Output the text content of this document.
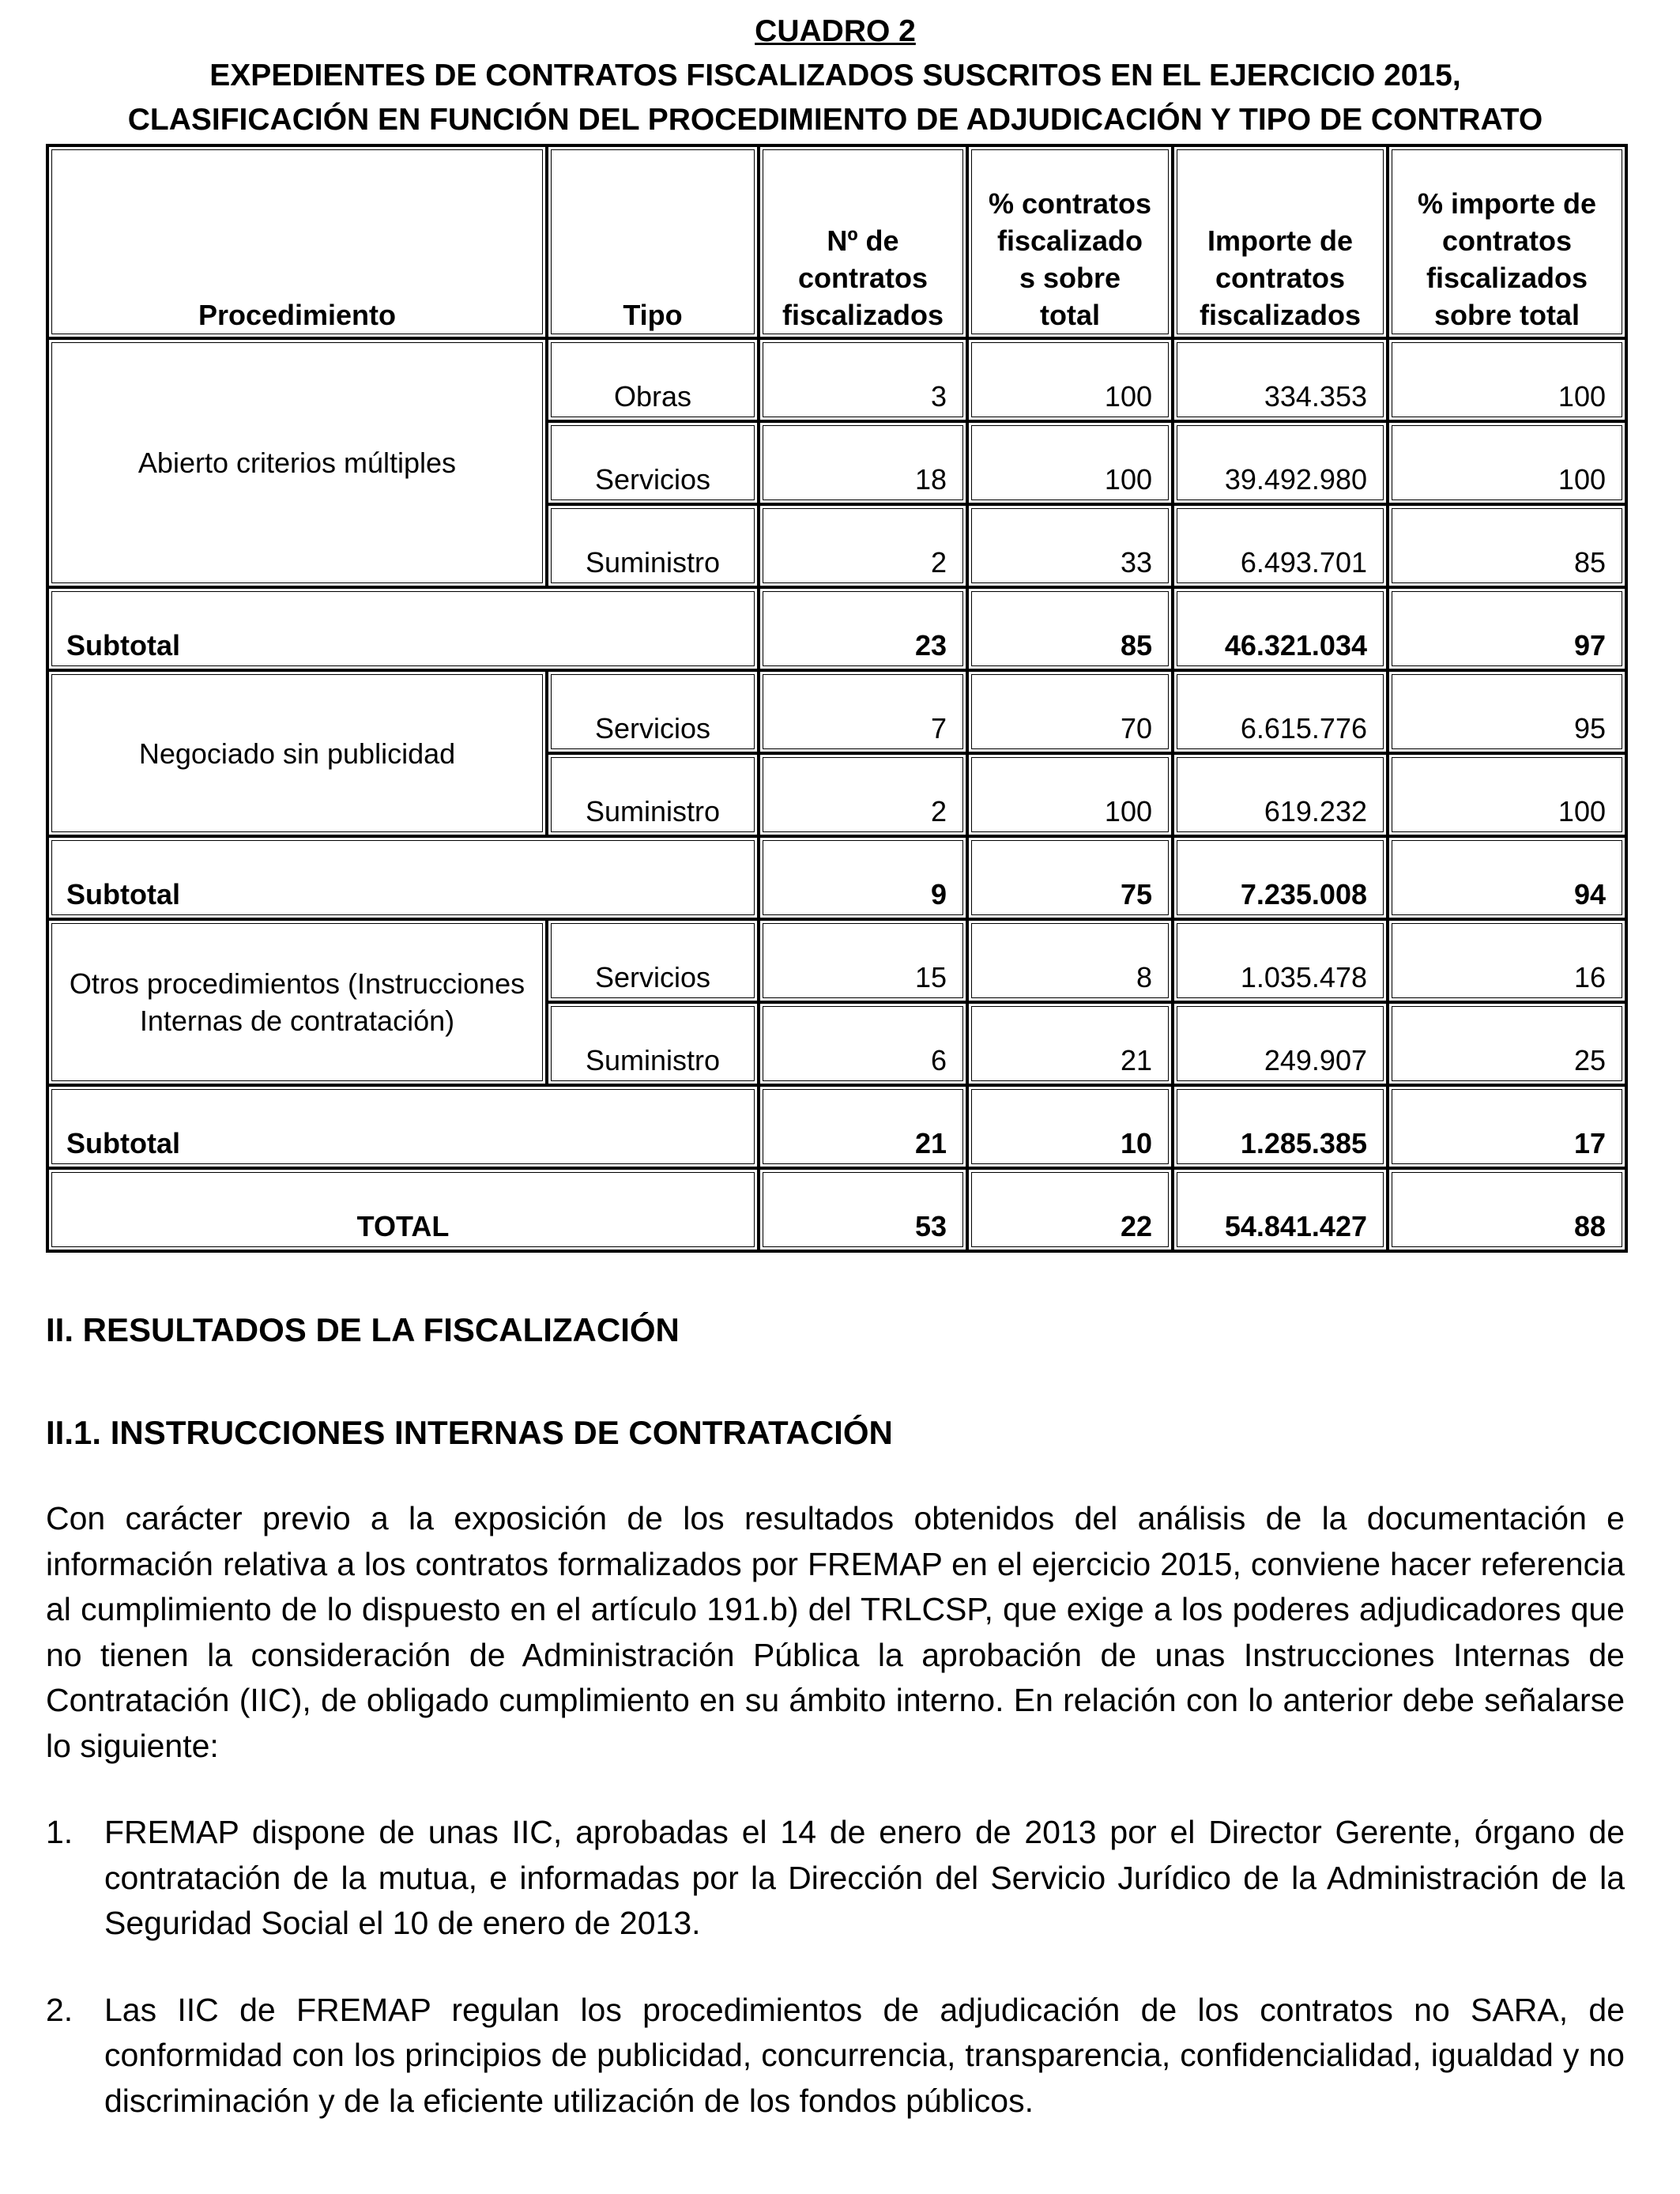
CUADRO 2
EXPEDIENTES DE CONTRATOS FISCALIZADOS SUSCRITOS EN EL EJERCICIO 2015,
CLASIFICACIÓN EN FUNCIÓN DEL PROCEDIMIENTO DE ADJUDICACIÓN Y TIPO DE CONTRATO
Procedimiento	Tipo	Nº de contratos fiscalizados	% contratos fiscalizado s sobre total	Importe de contratos fiscalizados	% importe de contratos fiscalizados sobre total
Abierto criterios múltiples	Obras	3	100	334.353	100
	Servicios	18	100	39.492.980	100
	Suministro	2	33	6.493.701	85
Subtotal		23	85	46.321.034	97
Negociado sin publicidad	Servicios	7	70	6.615.776	95
	Suministro	2	100	619.232	100
Subtotal		9	75	7.235.008	94
Otros procedimientos (Instrucciones Internas de contratación)	Servicios	15	8	1.035.478	16
	Suministro	6	21	249.907	25
Subtotal		21	10	1.285.385	17
TOTAL		53	22	54.841.427	88
II. RESULTADOS DE LA FISCALIZACIÓN
II.1. INSTRUCCIONES INTERNAS DE CONTRATACIÓN

Con carácter previo a la exposición de los resultados obtenidos del análisis de la documentación e información relativa a los contratos formalizados por FREMAP en el ejercicio 2015, conviene hacer referencia al cumplimiento de lo dispuesto en el artículo 191.b) del TRLCSP, que exige a los poderes adjudicadores que no tienen la consideración de Administración Pública la aprobación de unas Instrucciones Internas de Contratación (IIC), de obligado cumplimiento en su ámbito interno. En relación con lo anterior debe señalarse lo siguiente:

1. FREMAP dispone de unas IIC, aprobadas el 14 de enero de 2013 por el Director Gerente, órgano de contratación de la mutua, e informadas por la Dirección del Servicio Jurídico de la Administración de la Seguridad Social el 10 de enero de 2013.
2. Las IIC de FREMAP regulan los procedimientos de adjudicación de los contratos no SARA, de conformidad con los principios de publicidad, concurrencia, transparencia, confidencialidad, igualdad y no discriminación y de la eficiente utilización de los fondos públicos.
